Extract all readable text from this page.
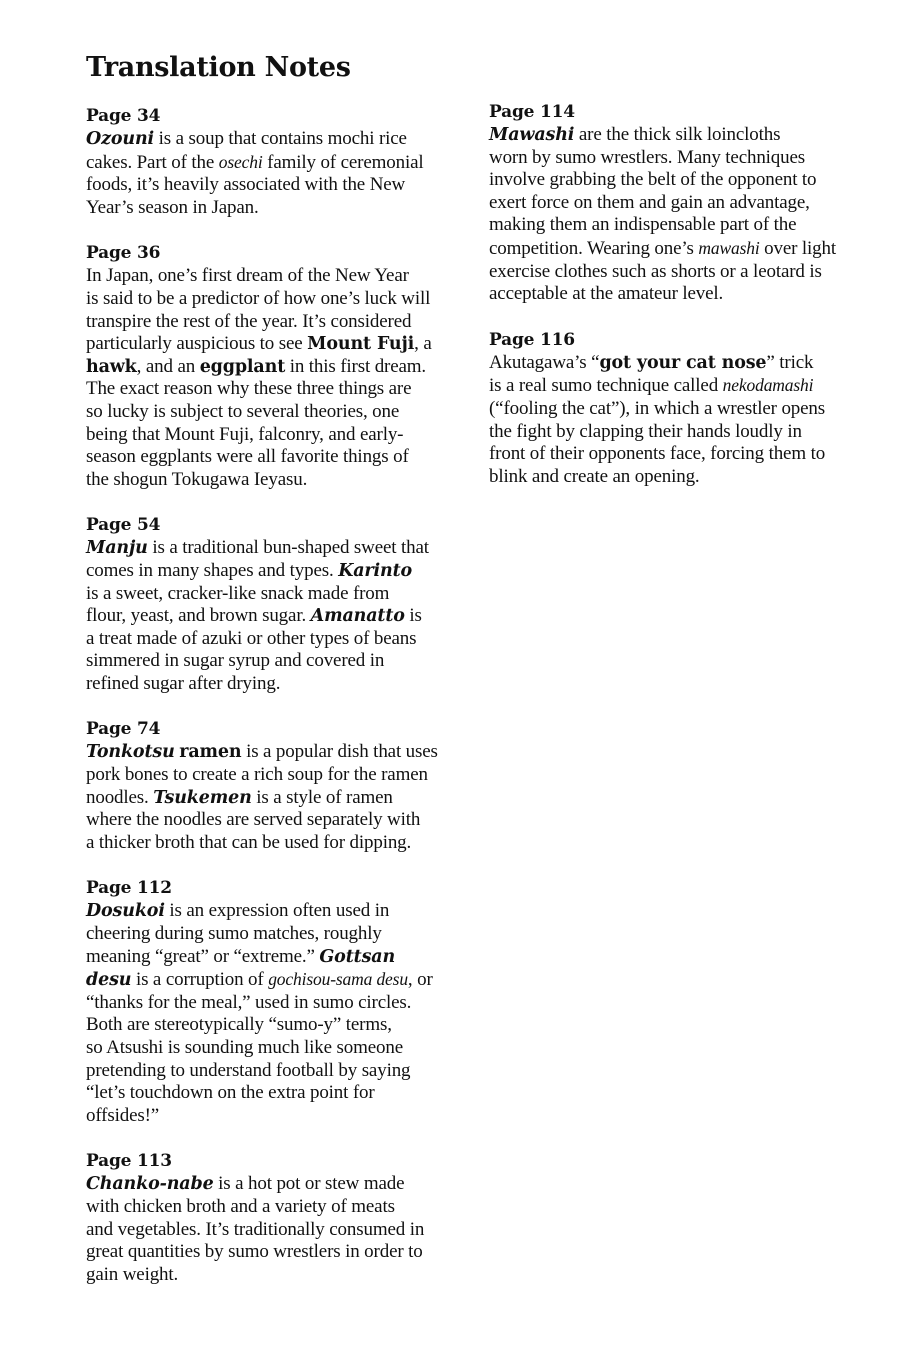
Translation Notes
Page 34
Ozouni is a soup that contains mochi rice
cakes. Part of the osechi family of ceremonial
foods, it’s heavily associated with the New
Year’s season in Japan.
Page 36
In Japan, one’s first dream of the New Year
is said to be a predictor of how one’s luck will
transpire the rest of the year. It’s considered
particularly auspicious to see Mount Fuji, a
hawk, and an eggplant in this first dream.
The exact reason why these three things are
so lucky is subject to several theories, one
being that Mount Fuji, falconry, and early-
season eggplants were all favorite things of
the shogun Tokugawa Ieyasu.
Page 54
Manju is a traditional bun-shaped sweet that
comes in many shapes and types. Karinto
is a sweet, cracker-like snack made from
flour, yeast, and brown sugar. Amanatto is
a treat made of azuki or other types of beans
simmered in sugar syrup and covered in
refined sugar after drying.
Page 74
Tonkotsu ramen is a popular dish that uses
pork bones to create a rich soup for the ramen
noodles. Tsukemen is a style of ramen
where the noodles are served separately with
a thicker broth that can be used for dipping.
Page 112
Dosukoi is an expression often used in
cheering during sumo matches, roughly
meaning “great” or “extreme.” Gottsan
desu is a corruption of gochisou-sama desu, or
“thanks for the meal,” used in sumo circles.
Both are stereotypically “sumo-y” terms,
so Atsushi is sounding much like someone
pretending to understand football by saying
“let’s touchdown on the extra point for
offsides!”
Page 113
Chanko-nabe is a hot pot or stew made
with chicken broth and a variety of meats
and vegetables. It’s traditionally consumed in
great quantities by sumo wrestlers in order to
gain weight.
Page 114
Mawashi are the thick silk loincloths
worn by sumo wrestlers. Many techniques
involve grabbing the belt of the opponent to
exert force on them and gain an advantage,
making them an indispensable part of the
competition. Wearing one’s mawashi over light
exercise clothes such as shorts or a leotard is
acceptable at the amateur level.
Page 116
Akutagawa’s “got your cat nose” trick
is a real sumo technique called nekodamashi
(“fooling the cat”), in which a wrestler opens
the fight by clapping their hands loudly in
front of their opponents face, forcing them to
blink and create an opening.
